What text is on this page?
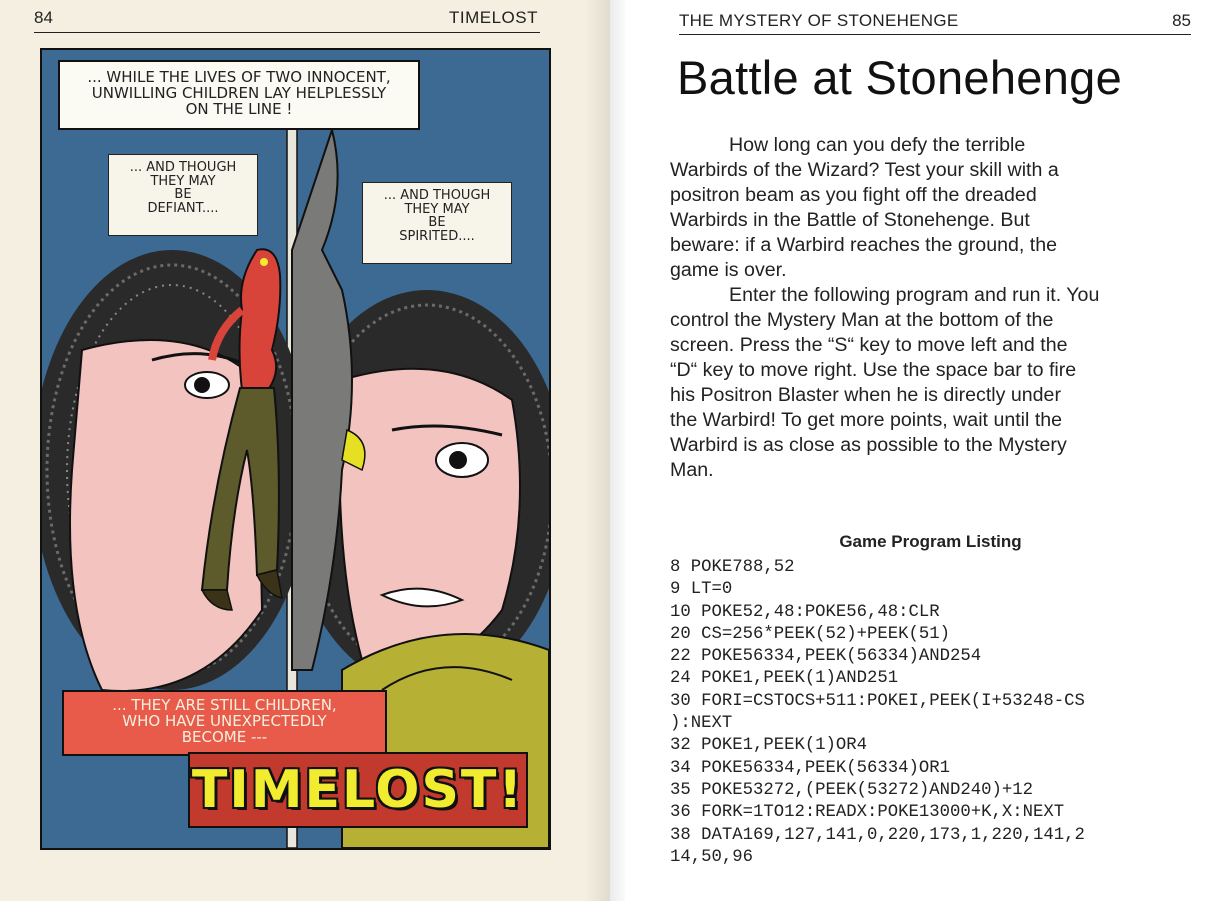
84	TIMELOST
... WHILE THE LIVES OF TWO INNOCENT,
UNWILLING CHILDREN LAY HELPLESSLY
ON THE LINE !
... AND THOUGH
THEY MAY
BE
DEFIANT....
... AND THOUGH
THEY MAY
BE
SPIRITED....
... THEY ARE STILL CHILDREN,
WHO HAVE UNEXPECTEDLY
BECOME ---
TIMELOST!
THE MYSTERY OF STONEHENGE	85
Battle at Stonehenge
How long can you defy the terrible
Warbirds of the Wizard? Test your skill with a
positron beam as you fight off the dreaded
Warbirds in the Battle of Stonehenge. But
beware: if a Warbird reaches the ground, the
game is over.
Enter the following program and run it. You
control the Mystery Man at the bottom of the
screen. Press the “S“ key to move left and the
“D“ key to move right. Use the space bar to fire
his Positron Blaster when he is directly under
the Warbird! To get more points, wait until the
Warbird is as close as possible to the Mystery
Man.
Game Program Listing
8 POKE788,52
9 LT=0
10 POKE52,48:POKE56,48:CLR
20 CS=256*PEEK(52)+PEEK(51)
22 POKE56334,PEEK(56334)AND254
24 POKE1,PEEK(1)AND251
30 FORI=CSTOCS+511:POKEI,PEEK(I+53248-CS
):NEXT
32 POKE1,PEEK(1)OR4
34 POKE56334,PEEK(56334)OR1
35 POKE53272,(PEEK(53272)AND240)+12
36 FORK=1TO12:READX:POKE13000+K,X:NEXT
38 DATA169,127,141,0,220,173,1,220,141,2
14,50,96
